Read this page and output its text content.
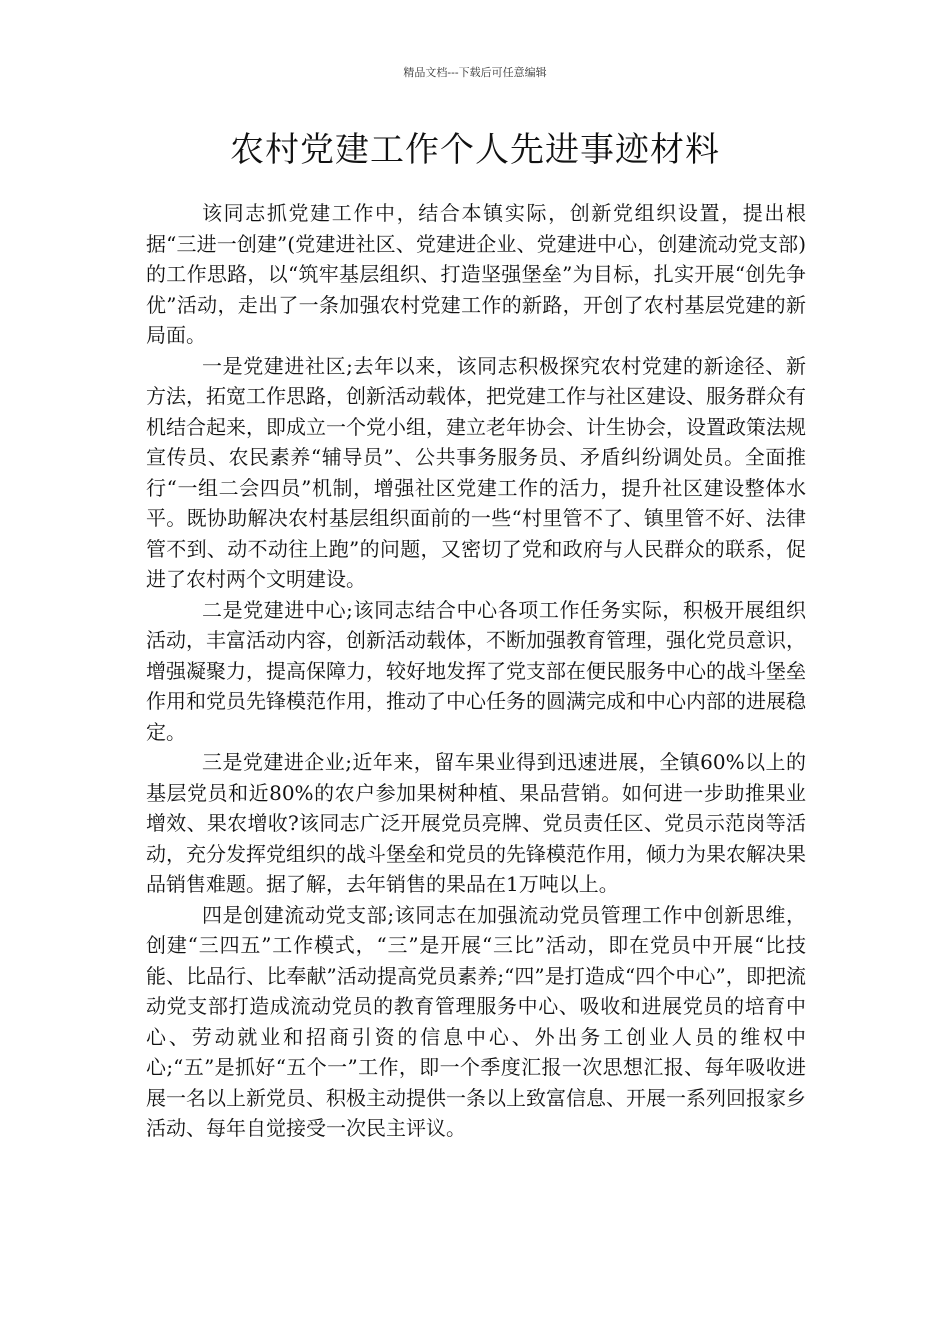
精品文档---下载后可任意编辑
农村党建工作个人先进事迹材料

该同志抓党建工作中，结合本镇实际，创新党组织设置，提出根据“三进一创建”(党建进社区、党建进企业、党建进中心，创建流动党支部)的工作思路，以“筑牢基层组织、打造坚强堡垒”为目标，扎实开展“创先争优”活动，走出了一条加强农村党建工作的新路，开创了农村基层党建的新局面。

一是党建进社区;去年以来，该同志积极探究农村党建的新途径、新方法，拓宽工作思路，创新活动载体，把党建工作与社区建设、服务群众有机结合起来，即成立一个党小组，建立老年协会、计生协会，设置政策法规宣传员、农民素养“辅导员”、公共事务服务员、矛盾纠纷调处员。全面推行“一组二会四员”机制，增强社区党建工作的活力，提升社区建设整体水平。既协助解决农村基层组织面前的一些“村里管不了、镇里管不好、法律管不到、动不动往上跑”的问题，又密切了党和政府与人民群众的联系，促进了农村两个文明建设。

二是党建进中心;该同志结合中心各项工作任务实际，积极开展组织活动，丰富活动内容，创新活动载体，不断加强教育管理，强化党员意识，增强凝聚力，提高保障力，较好地发挥了党支部在便民服务中心的战斗堡垒作用和党员先锋模范作用，推动了中心任务的圆满完成和中心内部的进展稳定。

三是党建进企业;近年来，留车果业得到迅速进展，全镇60%以上的基层党员和近80%的农户参加果树种植、果品营销。如何进一步助推果业增效、果农增收?该同志广泛开展党员亮牌、党员责任区、党员示范岗等活动，充分发挥党组织的战斗堡垒和党员的先锋模范作用，倾力为果农解决果品销售难题。据了解，去年销售的果品在1万吨以上。

四是创建流动党支部;该同志在加强流动党员管理工作中创新思维，创建“三四五”工作模式，“三”是开展“三比”活动，即在党员中开展“比技能、比品行、比奉献”活动提高党员素养;“四”是打造成“四个中心”，即把流动党支部打造成流动党员的教育管理服务中心、吸收和进展党员的培育中心、劳动就业和招商引资的信息中心、外出务工创业人员的维权中心;“五”是抓好“五个一”工作，即一个季度汇报一次思想汇报、每年吸收进展一名以上新党员、积极主动提供一条以上致富信息、开展一系列回报家乡活动、每年自觉接受一次民主评议。
